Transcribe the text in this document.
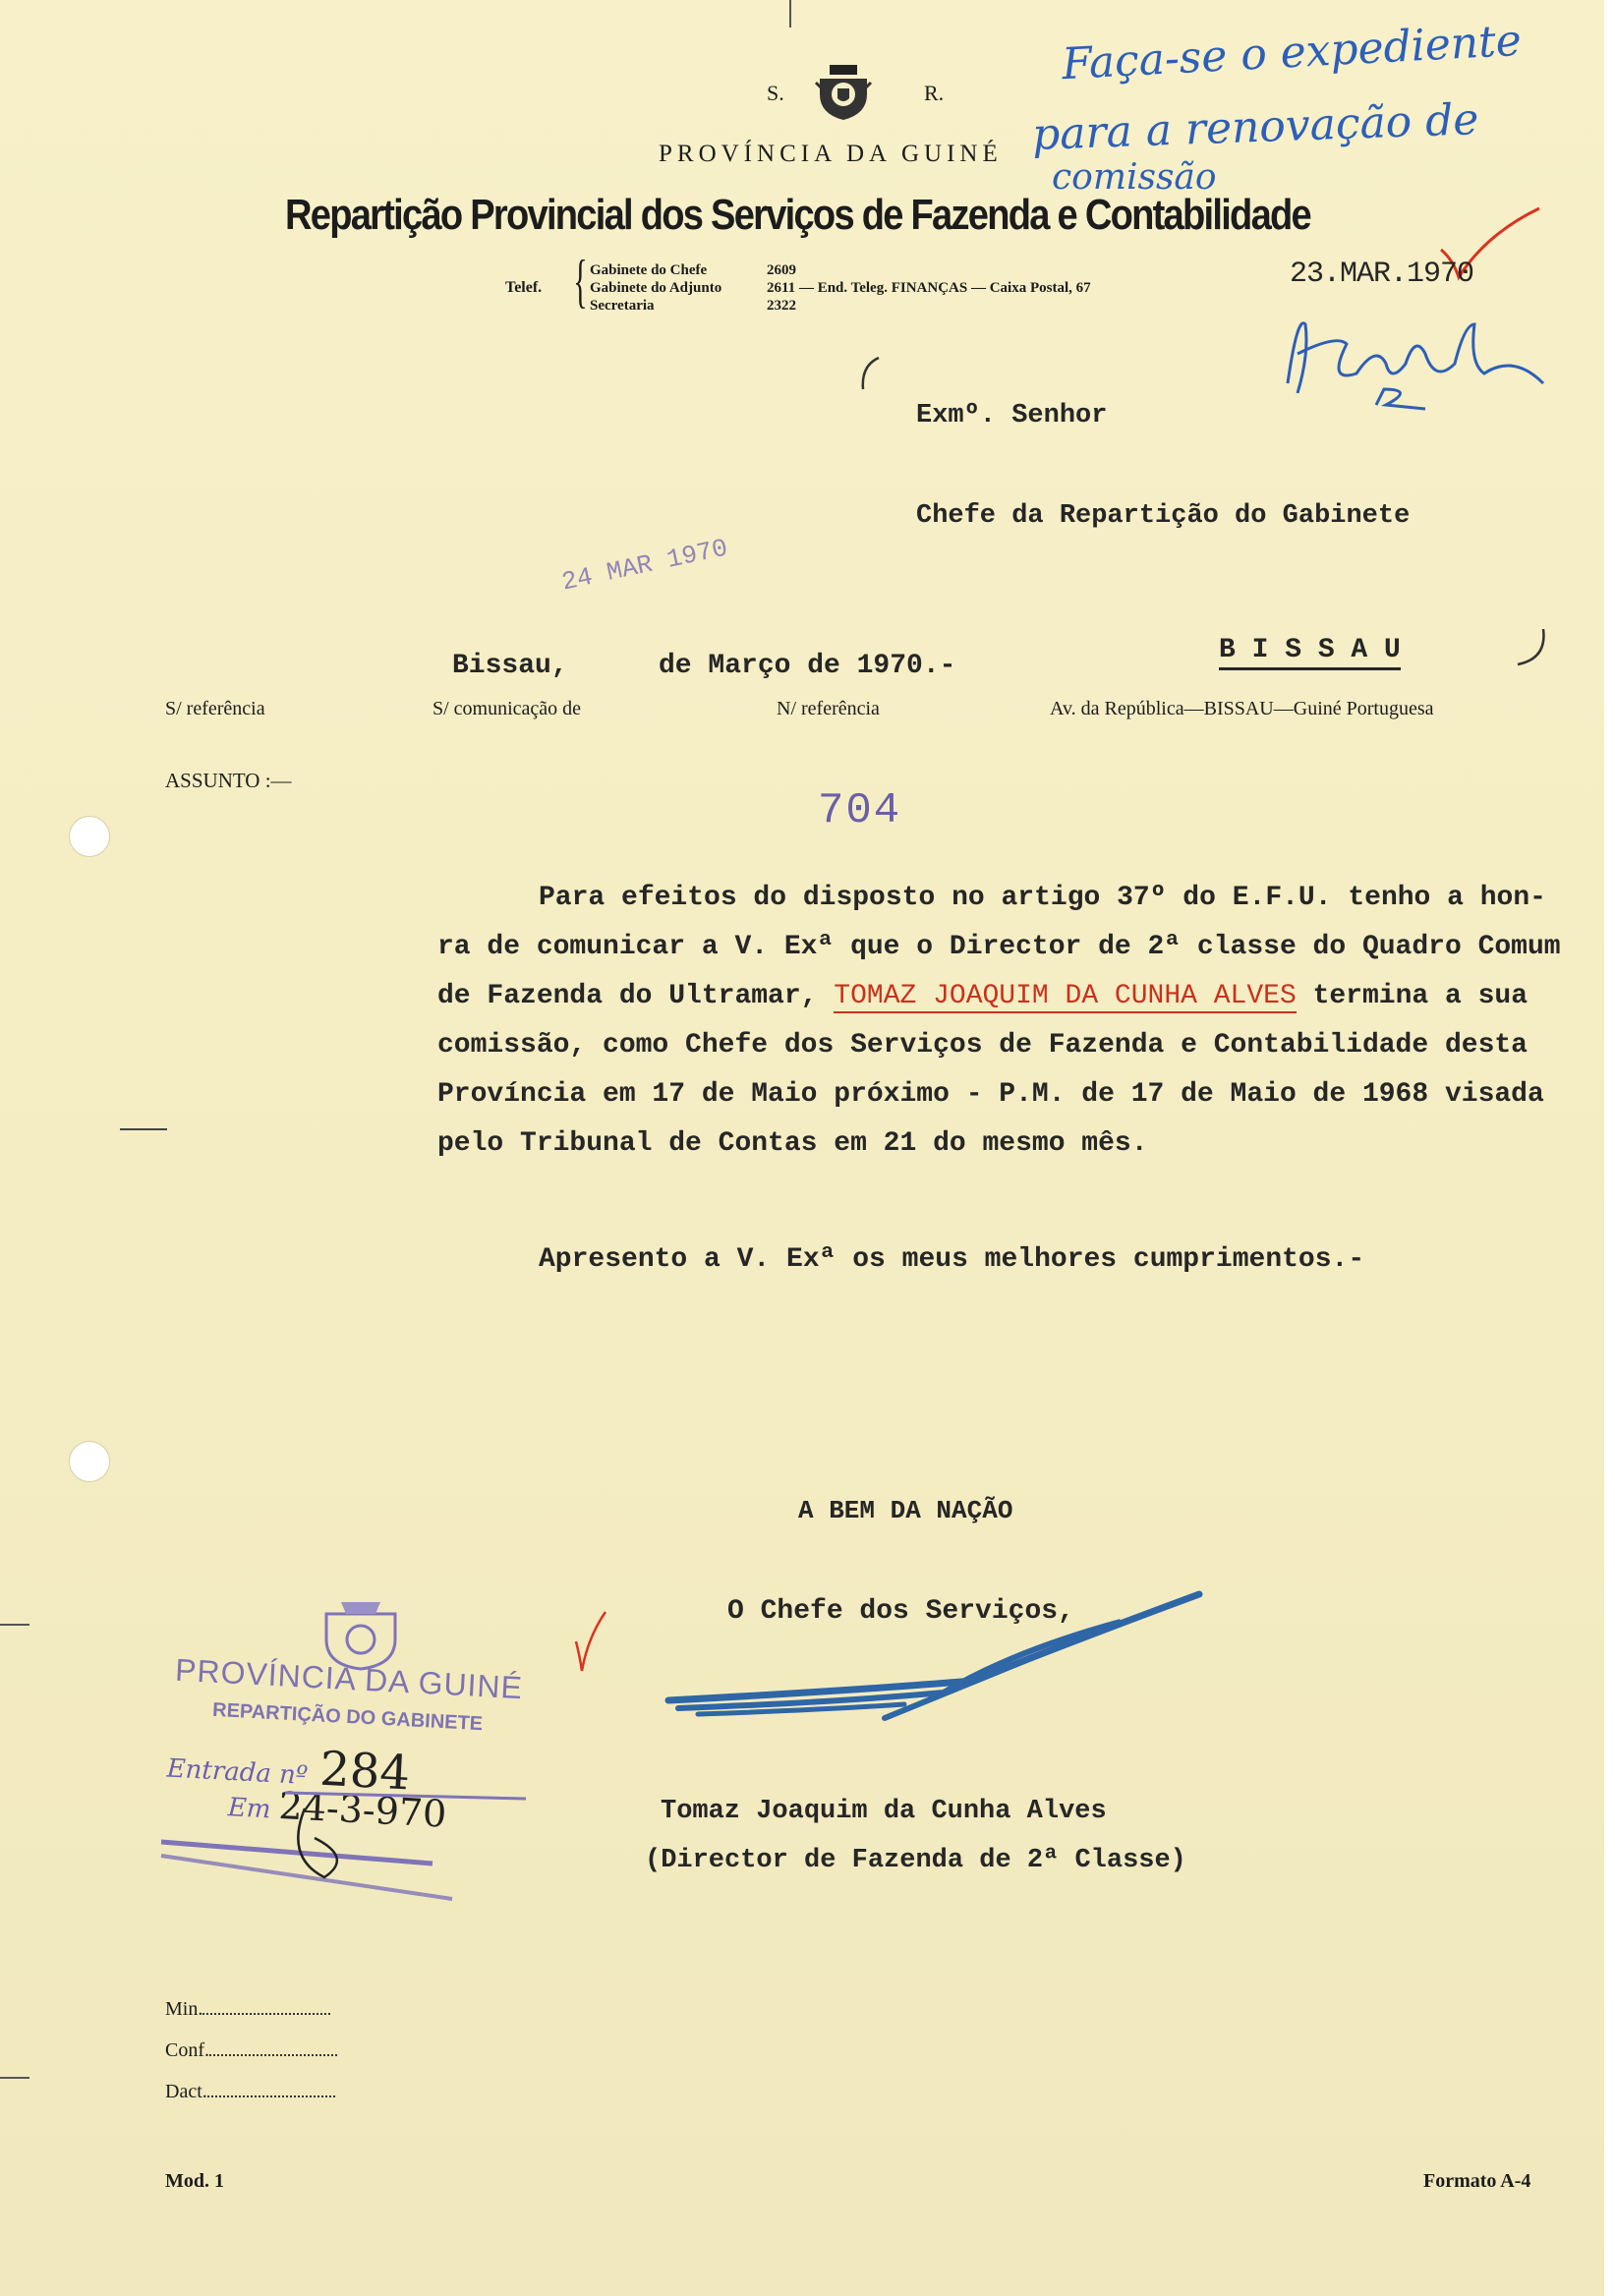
S.	R.
PROVÍNCIA DA GUINÉ
Repartição Provincial dos Serviços de Fazenda e Contabilidade
Telef. { Gabinete do Chefe	2609
Gabinete do Adjunto	2611 — End. Teleg. FINANÇAS — Caixa Postal, 67
Secretaria	2322
Faça-se o expediente
para a renovação de
comissão
23.MAR.1970
Exmº. Senhor
Chefe da Repartição do Gabinete
24 MAR 1970
Bissau,	de Março de 1970.-
B I S S A U
S/ referência	S/ comunicação de	N/ referência	Av. da República—BISSAU—Guiné Portuguesa
ASSUNTO :—
704
Para efeitos do disposto no artigo 37º do E.F.U. tenho a hon-
ra de comunicar a V. Exª que o Director de 2ª classe do Quadro Comum
de Fazenda do Ultramar, TOMAZ JOAQUIM DA CUNHA ALVES termina a sua
comissão, como Chefe dos Serviços de Fazenda e Contabilidade desta
Província em 17 de Maio próximo - P.M. de 17 de Maio de 1968 visada
pelo Tribunal de Contas em 21 do mesmo mês.
Apresento a V. Exª os meus melhores cumprimentos.-
A BEM DA NAÇÃO
O Chefe dos Serviços,
Tomaz Joaquim da Cunha Alves
(Director de Fazenda de 2ª Classe)
PROVÍNCIA DA GUINÉ
REPARTIÇÃO DO GABINETE
Entrada nº 284
Em 24-3-970
Min.
Conf.
Dact.
Mod. 1	Formato A-4
